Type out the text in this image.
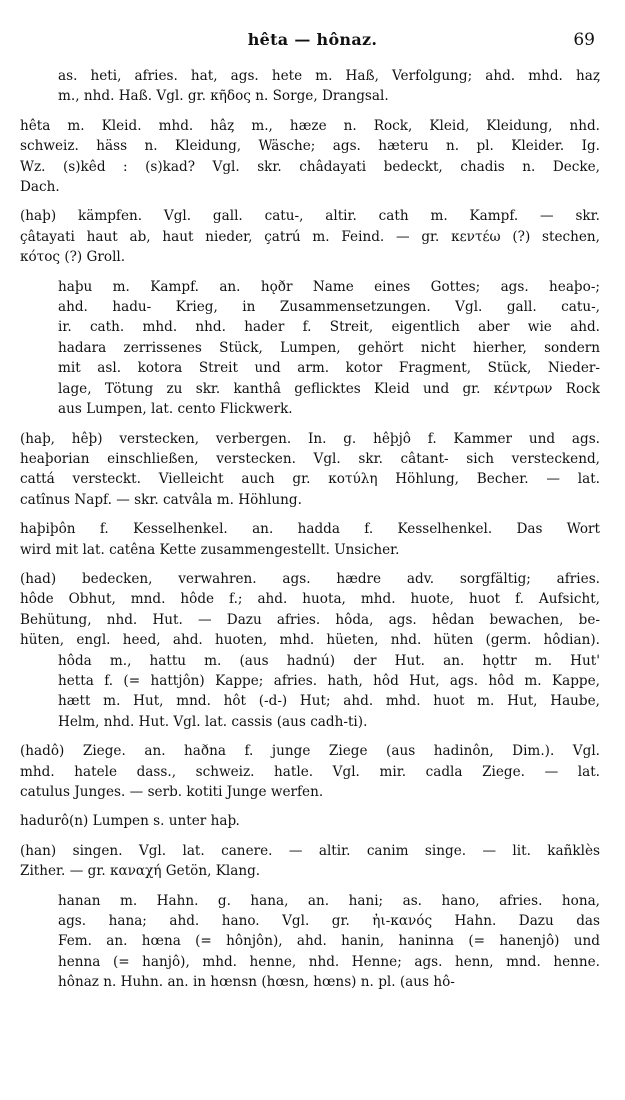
hêta — hônaz.	69
as. heti, afries. hat, ags. hete m. Haß, Verfolgung; ahd. mhd. haȥ
m., nhd. Haß. Vgl. gr. κῆδος n. Sorge, Drangsal.
hêta m. Kleid. mhd. hâȥ m., hæze n. Rock, Kleid, Kleidung, nhd.
schweiz. häss n. Kleidung, Wäsche; ags. hæteru n. pl. Kleider. Ig.
Wz. (s)kêd : (s)kad? Vgl. skr. châdayati bedeckt, chadis n. Decke,
Dach.
(haþ) kämpfen. Vgl. gall. catu-, altir. cath m. Kampf. — skr.
çâtayati haut ab, haut nieder, çatrú m. Feind. — gr. κεντέω (?) stechen,
κότος (?) Groll.
haþu m. Kampf. an. hǫðr Name eines Gottes; ags. heaþo-;
ahd. hadu- Krieg, in Zusammensetzungen. Vgl. gall. catu-,
ir. cath. mhd. nhd. hader f. Streit, eigentlich aber wie ahd.
hadara zerrissenes Stück, Lumpen, gehört nicht hierher, sondern
mit asl. kotora Streit und arm. kotor Fragment, Stück, Nieder-
lage, Tötung zu skr. kanthâ geflicktes Kleid und gr. κέντρων Rock
aus Lumpen, lat. cento Flickwerk.
(haþ, hêþ) verstecken, verbergen. In. g. hêþjô f. Kammer und ags.
heaþorian einschließen, verstecken. Vgl. skr. câtant- sich versteckend,
cattá versteckt. Vielleicht auch gr. κοτύλη Höhlung, Becher. — lat.
catînus Napf. — skr. catvâla m. Höhlung.
haþiþôn f. Kesselhenkel. an. hadda f. Kesselhenkel. Das Wort
wird mit lat. catêna Kette zusammengestellt. Unsicher.
(had) bedecken, verwahren. ags. hædre adv. sorgfältig; afries.
hôde Obhut, mnd. hôde f.; ahd. huota, mhd. huote, huot f. Aufsicht,
Behütung, nhd. Hut. — Dazu afries. hôda, ags. hêdan bewachen, be-
hüten, engl. heed, ahd. huoten, mhd. hüeten, nhd. hüten (germ. hôdian).
hôda m., hattu m. (aus hadnú) der Hut. an. hǫttr m. Hut'
hetta f. (= hattjôn) Kappe; afries. hath, hôd Hut, ags. hôd m. Kappe,
hætt m. Hut, mnd. hôt (-d-) Hut; ahd. mhd. huot m. Hut, Haube,
Helm, nhd. Hut. Vgl. lat. cassis (aus cadh-ti).
(hadô) Ziege. an. haðna f. junge Ziege (aus hadinôn, Dim.). Vgl.
mhd. hatele dass., schweiz. hatle. Vgl. mir. cadla Ziege. — lat.
catulus Junges. — serb. kotiti Junge werfen.
hadurô(n) Lumpen s. unter haþ.
(han) singen. Vgl. lat. canere. — altir. canim singe. — lit. kañklès
Zither. — gr. καναχή Getön, Klang.
hanan m. Hahn. g. hana, an. hani; as. hano, afries. hona,
ags. hana; ahd. hano. Vgl. gr. ἠι-κανός Hahn. Dazu das
Fem. an. hœna (= hônjôn), ahd. hanin, haninna (= hanenjô) und
henna (= hanjô), mhd. henne, nhd. Henne; ags. henn, mnd. henne.
hônaz n. Huhn. an. in hœnsn (hœsn, hœns) n. pl. (aus hô-
